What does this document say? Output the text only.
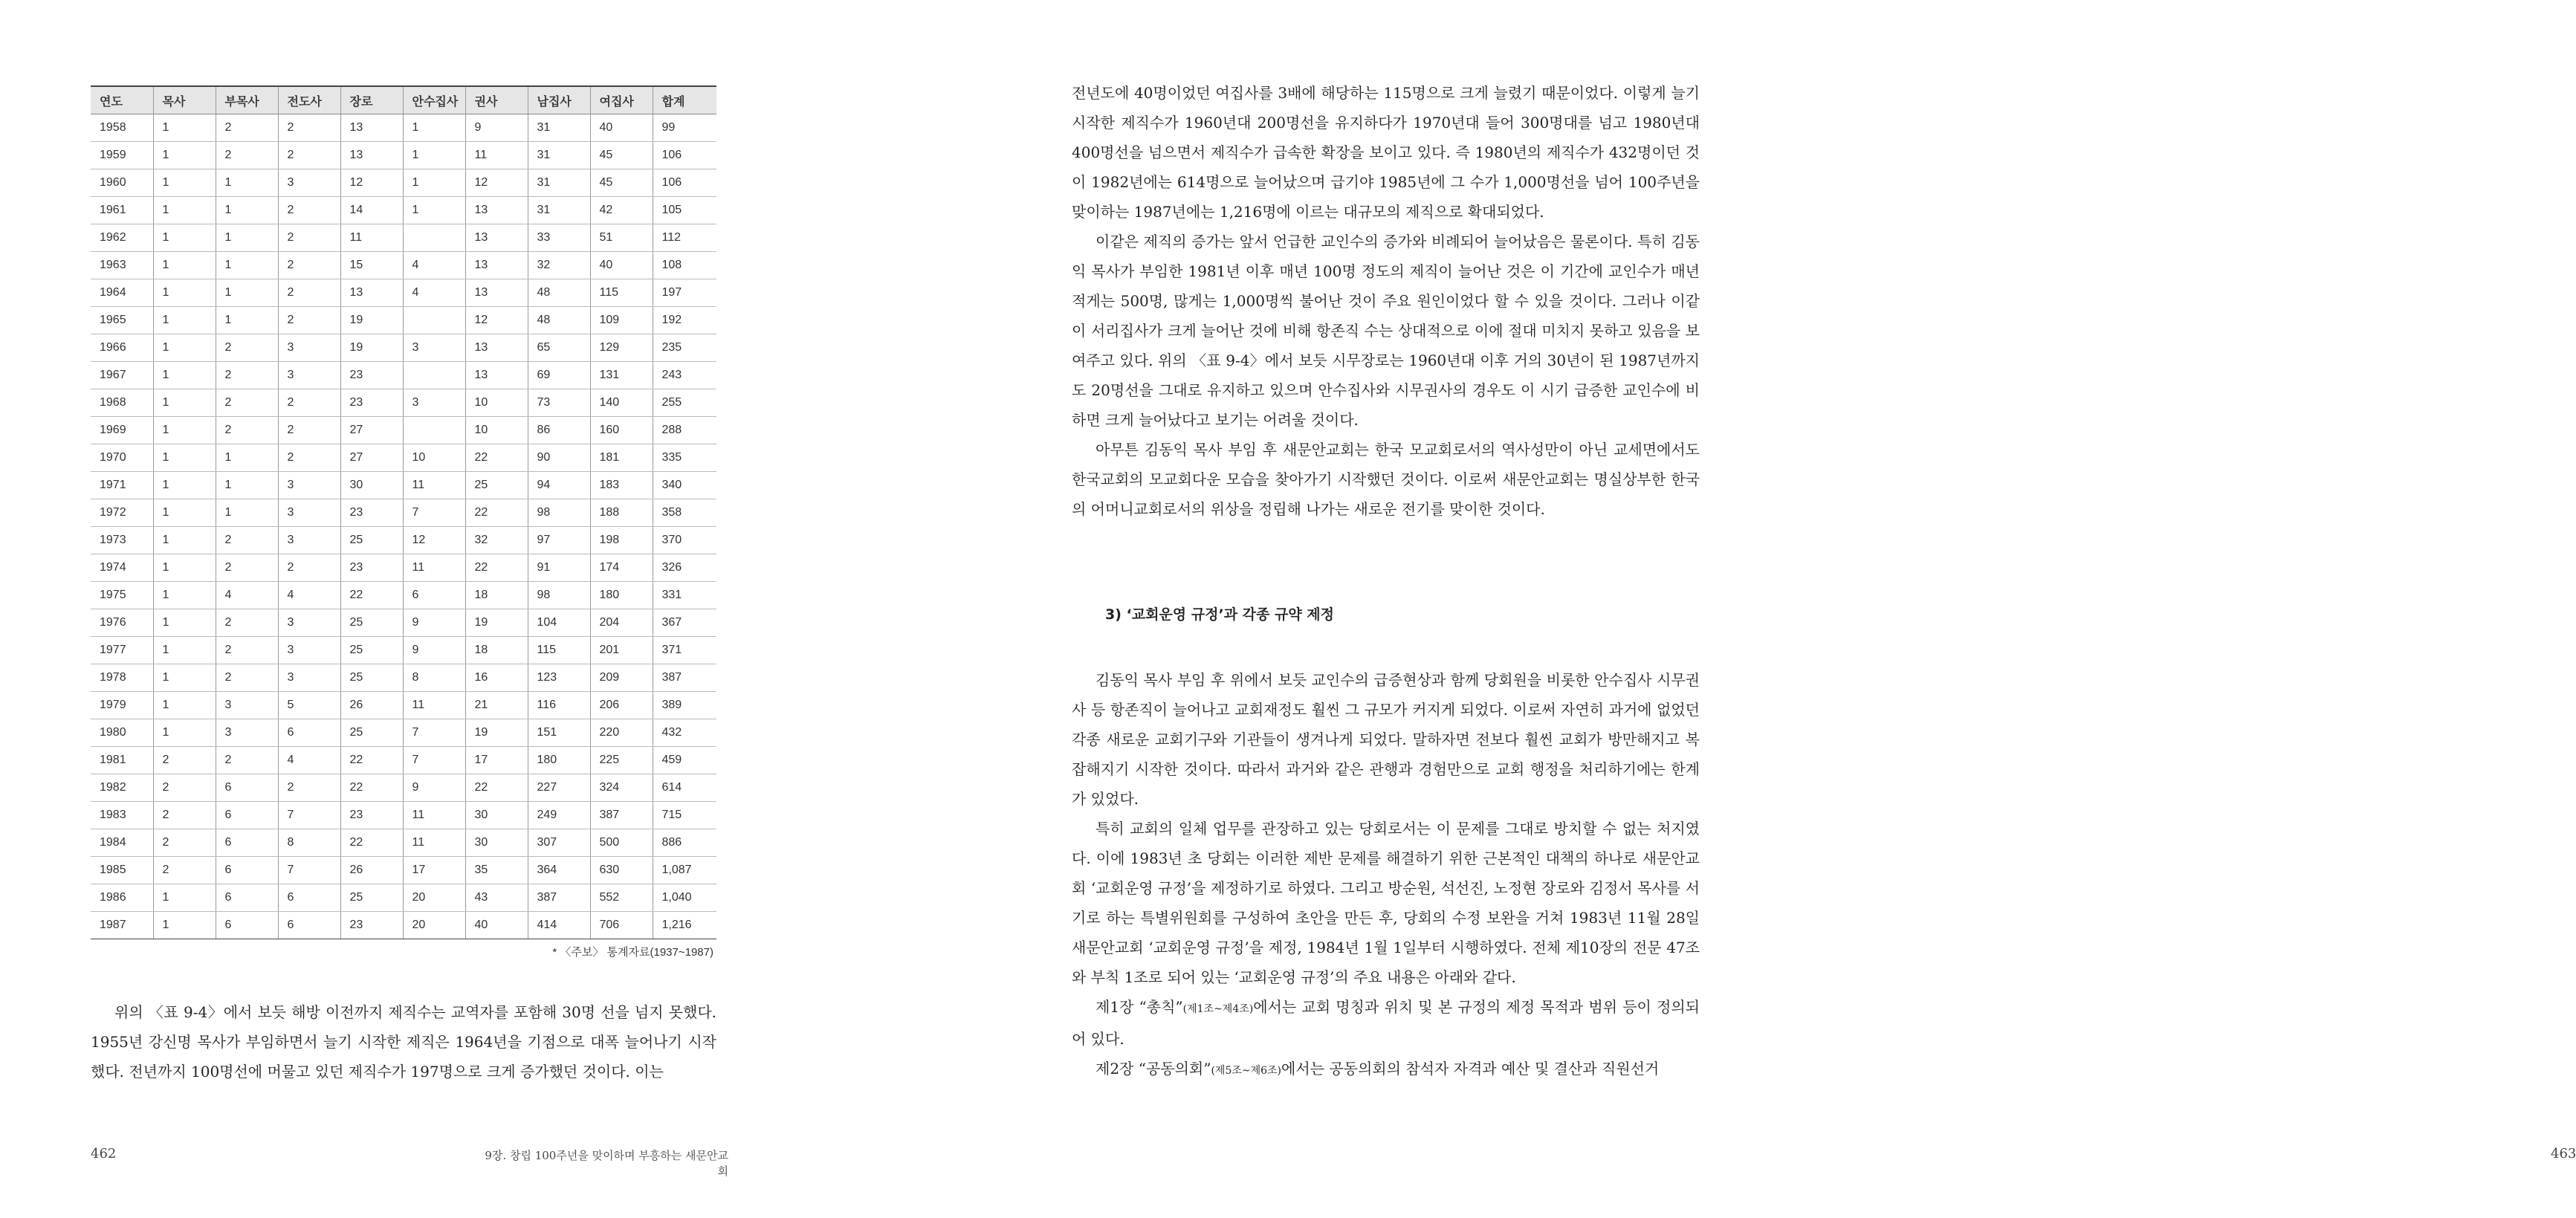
연도	목사	부목사	전도사	장로	안수집사	권사	남집사	여집사	합계
1958	1	2	2	13	1	9	31	40	99
1959	1	2	2	13	1	11	31	45	106
1960	1	1	3	12	1	12	31	45	106
1961	1	1	2	14	1	13	31	42	105
1962	1	1	2	11		13	33	51	112
1963	1	1	2	15	4	13	32	40	108
1964	1	1	2	13	4	13	48	115	197
1965	1	1	2	19		12	48	109	192
1966	1	2	3	19	3	13	65	129	235
1967	1	2	3	23		13	69	131	243
1968	1	2	2	23	3	10	73	140	255
1969	1	2	2	27		10	86	160	288
1970	1	1	2	27	10	22	90	181	335
1971	1	1	3	30	11	25	94	183	340
1972	1	1	3	23	7	22	98	188	358
1973	1	2	3	25	12	32	97	198	370
1974	1	2	2	23	11	22	91	174	326
1975	1	4	4	22	6	18	98	180	331
1976	1	2	3	25	9	19	104	204	367
1977	1	2	3	25	9	18	115	201	371
1978	1	2	3	25	8	16	123	209	387
1979	1	3	5	26	11	21	116	206	389
1980	1	3	6	25	7	19	151	220	432
1981	2	2	4	22	7	17	180	225	459
1982	2	6	2	22	9	22	227	324	614
1983	2	6	7	23	11	30	249	387	715
1984	2	6	8	22	11	30	307	500	886
1985	2	6	7	26	17	35	364	630	1,087
1986	1	6	6	25	20	43	387	552	1,040
1987	1	6	6	23	20	40	414	706	1,216
* 〈주보〉 통계자료(1937~1987)

위의 〈표 9-4〉에서 보듯 해방 이전까지 제직수는 교역자를 포함해 30명 선을 넘지 못했다. 1955년 강신명 목사가 부임하면서 늘기 시작한 제직은 1964년을 기점으로 대폭 늘어나기 시작했다. 전년까지 100명선에 머물고 있던 제직수가 197명으로 크게 증가했던 것이다. 이는

462	9장. 창립 100주년을 맞이하며 부흥하는 새문안교회

전년도에 40명이었던 여집사를 3배에 해당하는 115명으로 크게 늘렸기 때문이었다. 이렇게 늘기 시작한 제직수가 1960년대 200명선을 유지하다가 1970년대 들어 300명대를 넘고 1980년대 400명선을 넘으면서 제직수가 급속한 확장을 보이고 있다. 즉 1980년의 제직수가 432명이던 것이 1982년에는 614명으로 늘어났으며 급기야 1985년에 그 수가 1,000명선을 넘어 100주년을 맞이하는 1987년에는 1,216명에 이르는 대규모의 제직으로 확대되었다.

이같은 제직의 증가는 앞서 언급한 교인수의 증가와 비례되어 늘어났음은 물론이다. 특히 김동익 목사가 부임한 1981년 이후 매년 100명 정도의 제직이 늘어난 것은 이 기간에 교인수가 매년 적게는 500명, 많게는 1,000명씩 불어난 것이 주요 원인이었다 할 수 있을 것이다. 그러나 이같이 서리집사가 크게 늘어난 것에 비해 항존직 수는 상대적으로 이에 절대 미치지 못하고 있음을 보여주고 있다. 위의 〈표 9-4〉에서 보듯 시무장로는 1960년대 이후 거의 30년이 된 1987년까지도 20명선을 그대로 유지하고 있으며 안수집사와 시무권사의 경우도 이 시기 급증한 교인수에 비하면 크게 늘어났다고 보기는 어려울 것이다.

아무튼 김동익 목사 부임 후 새문안교회는 한국 모교회로서의 역사성만이 아닌 교세면에서도 한국교회의 모교회다운 모습을 찾아가기 시작했던 것이다. 이로써 새문안교회는 명실상부한 한국의 어머니교회로서의 위상을 정립해 나가는 새로운 전기를 맞이한 것이다.

3) ‘교회운영 규정’과 각종 규약 제정

김동익 목사 부임 후 위에서 보듯 교인수의 급증현상과 함께 당회원을 비롯한 안수집사 시무권사 등 항존직이 늘어나고 교회재정도 훨씬 그 규모가 커지게 되었다. 이로써 자연히 과거에 없었던 각종 새로운 교회기구와 기관들이 생겨나게 되었다. 말하자면 전보다 훨씬 교회가 방만해지고 복잡해지기 시작한 것이다. 따라서 과거와 같은 관행과 경험만으로 교회 행정을 처리하기에는 한계가 있었다.

특히 교회의 일체 업무를 관장하고 있는 당회로서는 이 문제를 그대로 방치할 수 없는 처지였다. 이에 1983년 초 당회는 이러한 제반 문제를 해결하기 위한 근본적인 대책의 하나로 새문안교회 ‘교회운영 규정’을 제정하기로 하였다. 그리고 방순원, 석선진, 노정현 장로와 김정서 목사를 서기로 하는 특별위원회를 구성하여 초안을 만든 후, 당회의 수정 보완을 거쳐 1983년 11월 28일 새문안교회 ‘교회운영 규정’을 제정, 1984년 1월 1일부터 시행하였다. 전체 제10장의 전문 47조와 부칙 1조로 되어 있는 ‘교회운영 규정’의 주요 내용은 아래와 같다.

제1장 “총칙”(제1조~제4조)에서는 교회 명칭과 위치 및 본 규정의 제정 목적과 범위 등이 정의되어 있다.

제2장 “공동의회”(제5조~제6조)에서는 공동의회의 참석자 자격과 예산 및 결산과 직원선거

463
